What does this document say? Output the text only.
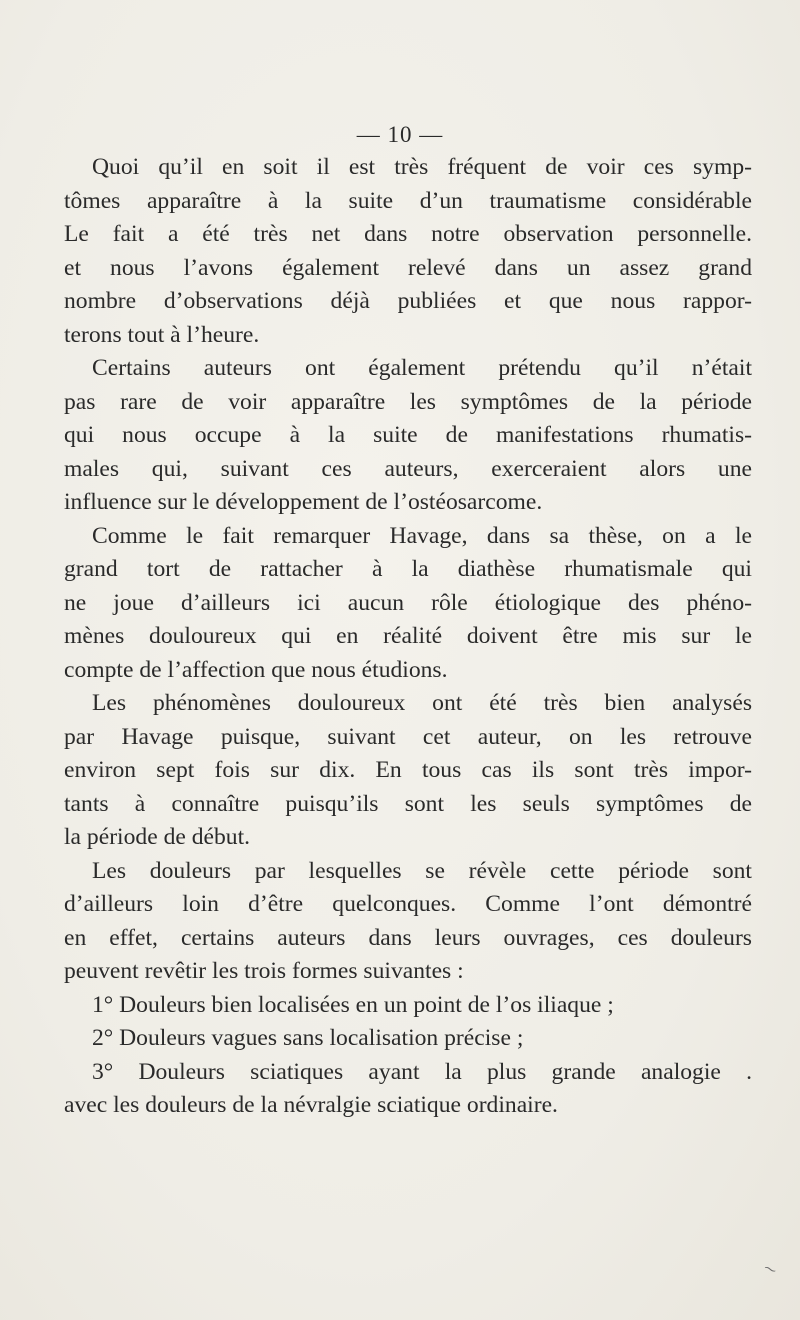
— 10 —
Quoi qu’il en soit il est très fréquent de voir ces symp-
tômes apparaître à la suite d’un traumatisme considérable
Le fait a été très net dans notre observation personnelle.
et nous l’avons également relevé dans un assez grand
nombre d’observations déjà publiées et que nous rappor-
terons tout à l’heure.
Certains auteurs ont également prétendu qu’il n’était
pas rare de voir apparaître les symptômes de la période
qui nous occupe à la suite de manifestations rhumatis-
males qui, suivant ces auteurs, exerceraient alors une
influence sur le développement de l’ostéosarcome.
Comme le fait remarquer Havage, dans sa thèse, on a le
grand tort de rattacher à la diathèse rhumatismale qui
ne joue d’ailleurs ici aucun rôle étiologique des phéno-
mènes douloureux qui en réalité doivent être mis sur le
compte de l’affection que nous étudions.
Les phénomènes douloureux ont été très bien analysés
par Havage puisque, suivant cet auteur, on les retrouve
environ sept fois sur dix. En tous cas ils sont très impor-
tants à connaître puisqu’ils sont les seuls symptômes de
la période de début.
Les douleurs par lesquelles se révèle cette période sont
d’ailleurs loin d’être quelconques. Comme l’ont démontré
en effet, certains auteurs dans leurs ouvrages, ces douleurs
peuvent revêtir les trois formes suivantes :
1° Douleurs bien localisées en un point de l’os iliaque ;
2° Douleurs vagues sans localisation précise ;
3° Douleurs sciatiques ayant la plus grande analogie .
avec les douleurs de la névralgie sciatique ordinaire.
⁓
